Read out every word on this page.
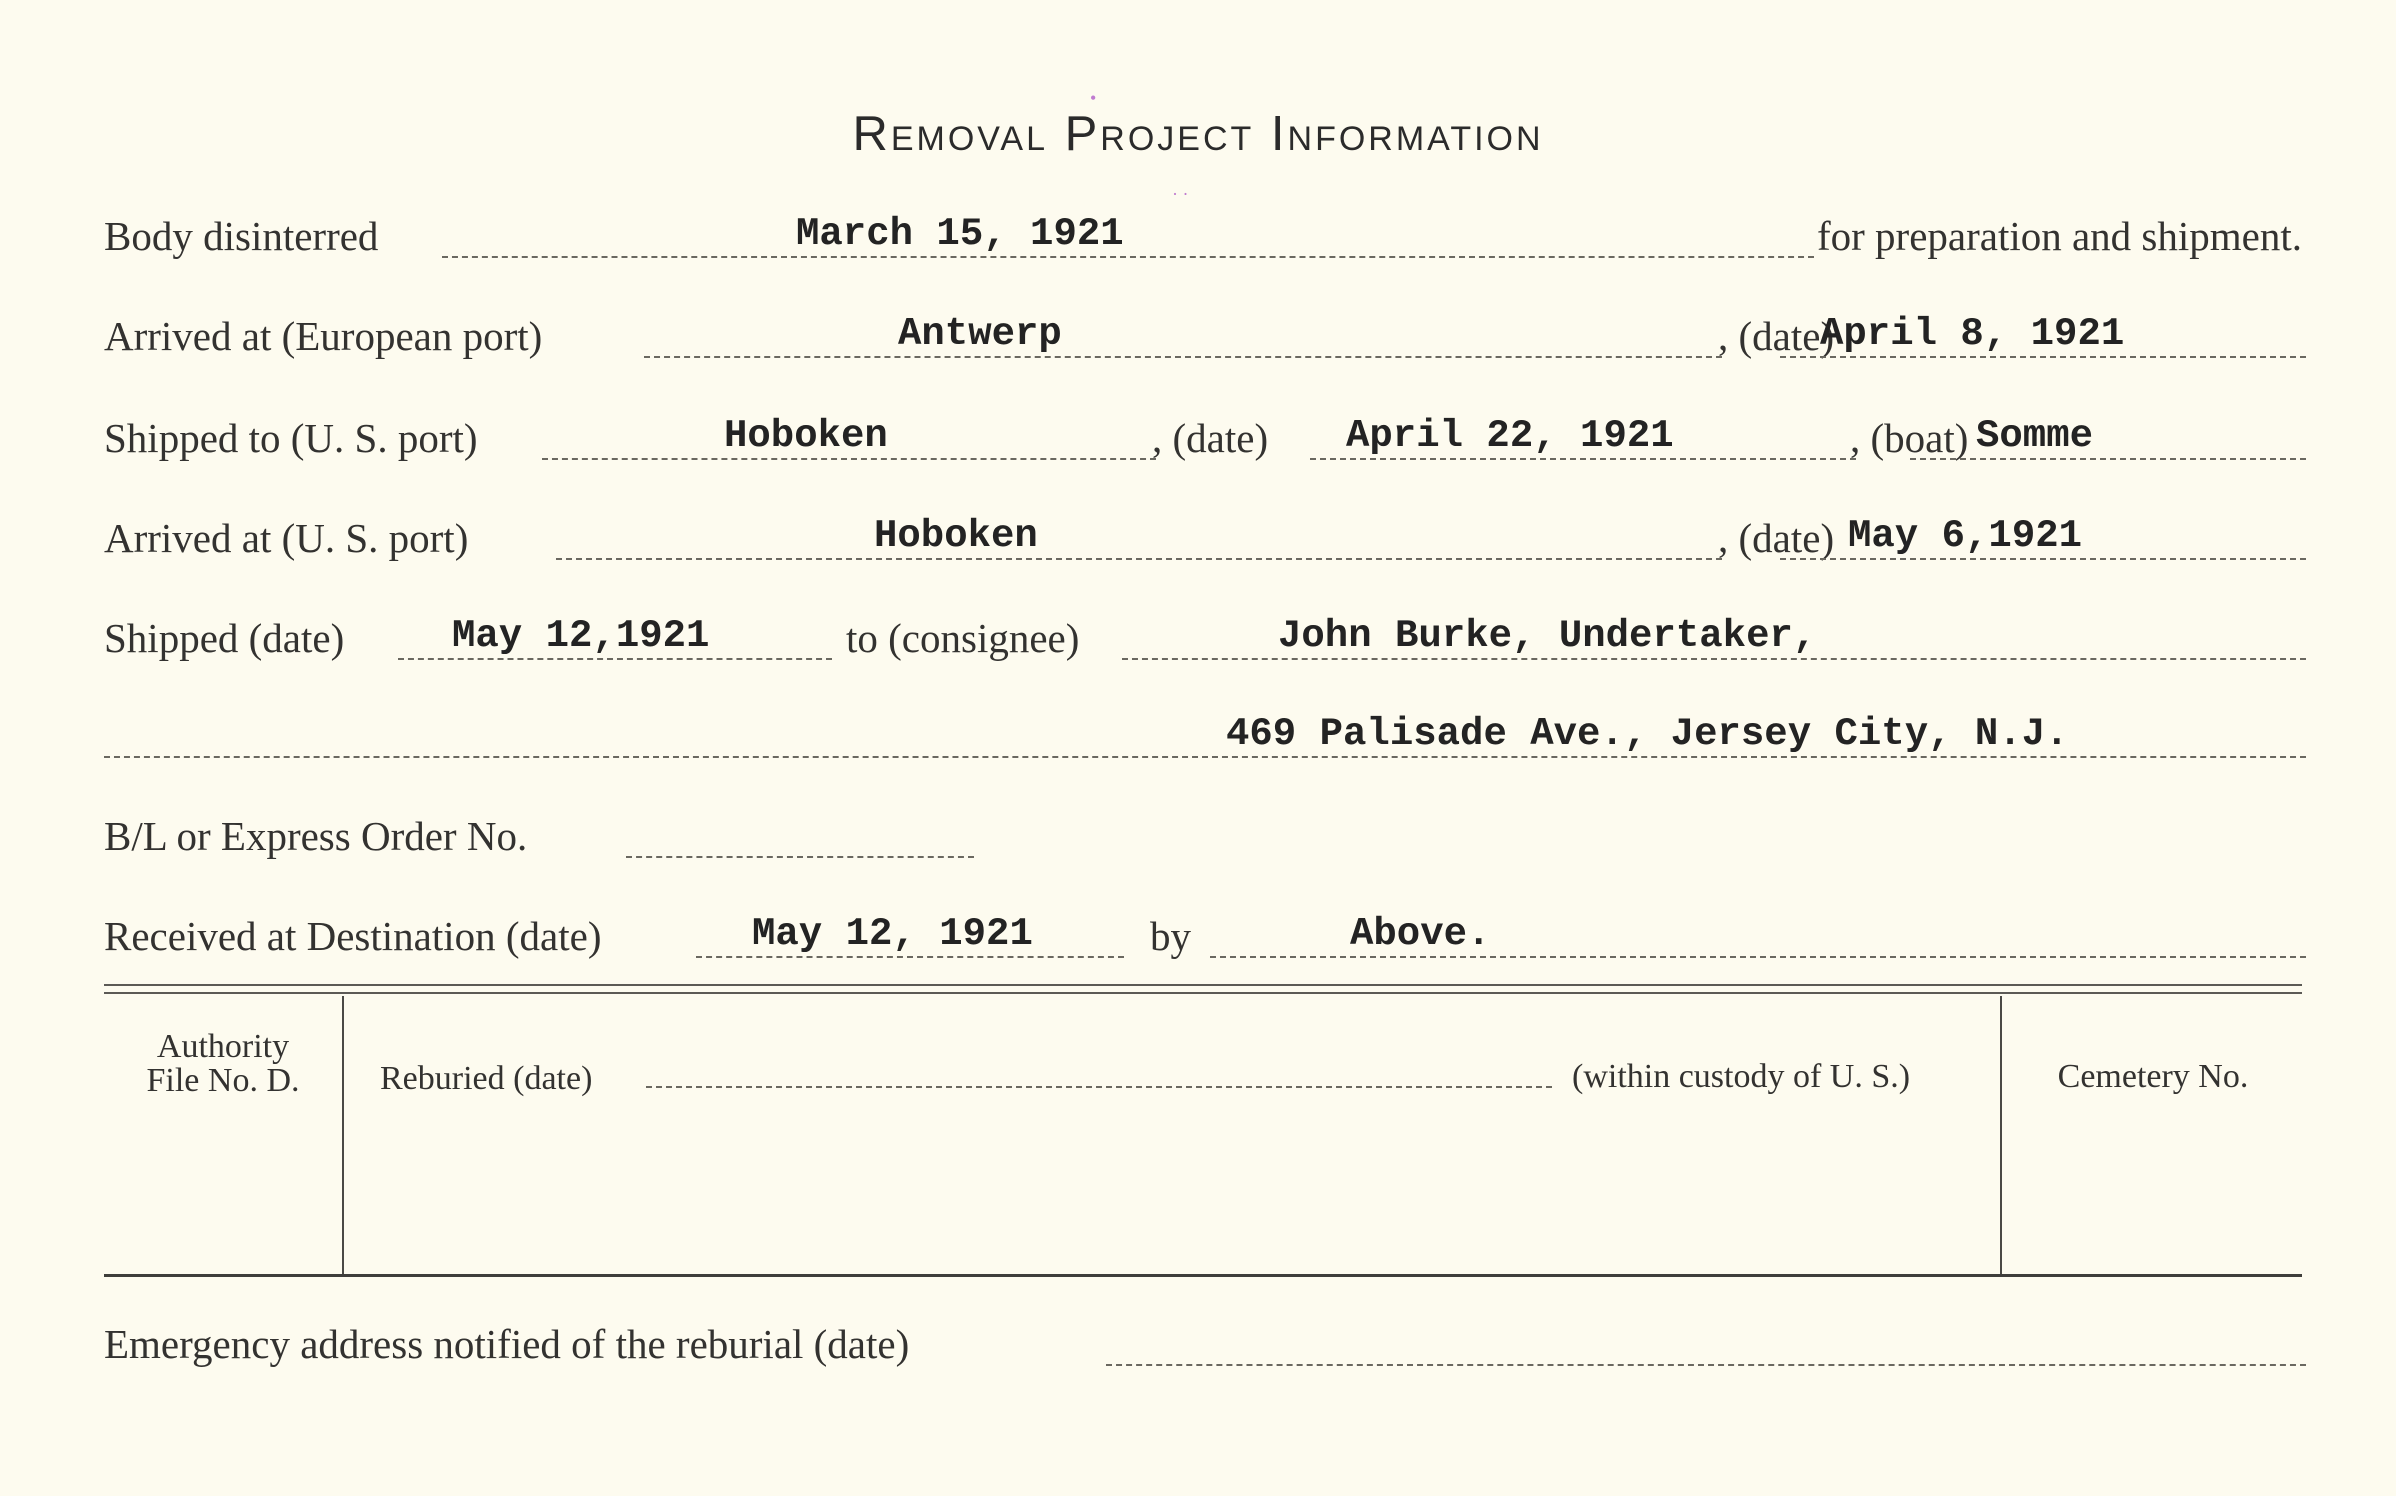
•
· ·
Removal Project Information
Body disinterred	March 15, 1921	for preparation and shipment.
Arrived at (European port)	Antwerp	, (date)
April 8, 1921
Shipped to (U. S. port)	Hoboken	, (date) April 22, 1921	, (boat) Somme
Arrived at (U. S. port)	Hoboken	, (date) May 6,1921
Shipped (date)	May 12,1921	to (consignee)	John Burke, Undertaker,
469 Palisade Ave., Jersey City, N.J.
B/L or Express Order No.
Received at Destination (date)	May 12, 1921	by	Above.
Authority
File No. D.	Reburied (date)	(within custody of U. S.)	Cemetery No.
Emergency address notified of the reburial (date)
